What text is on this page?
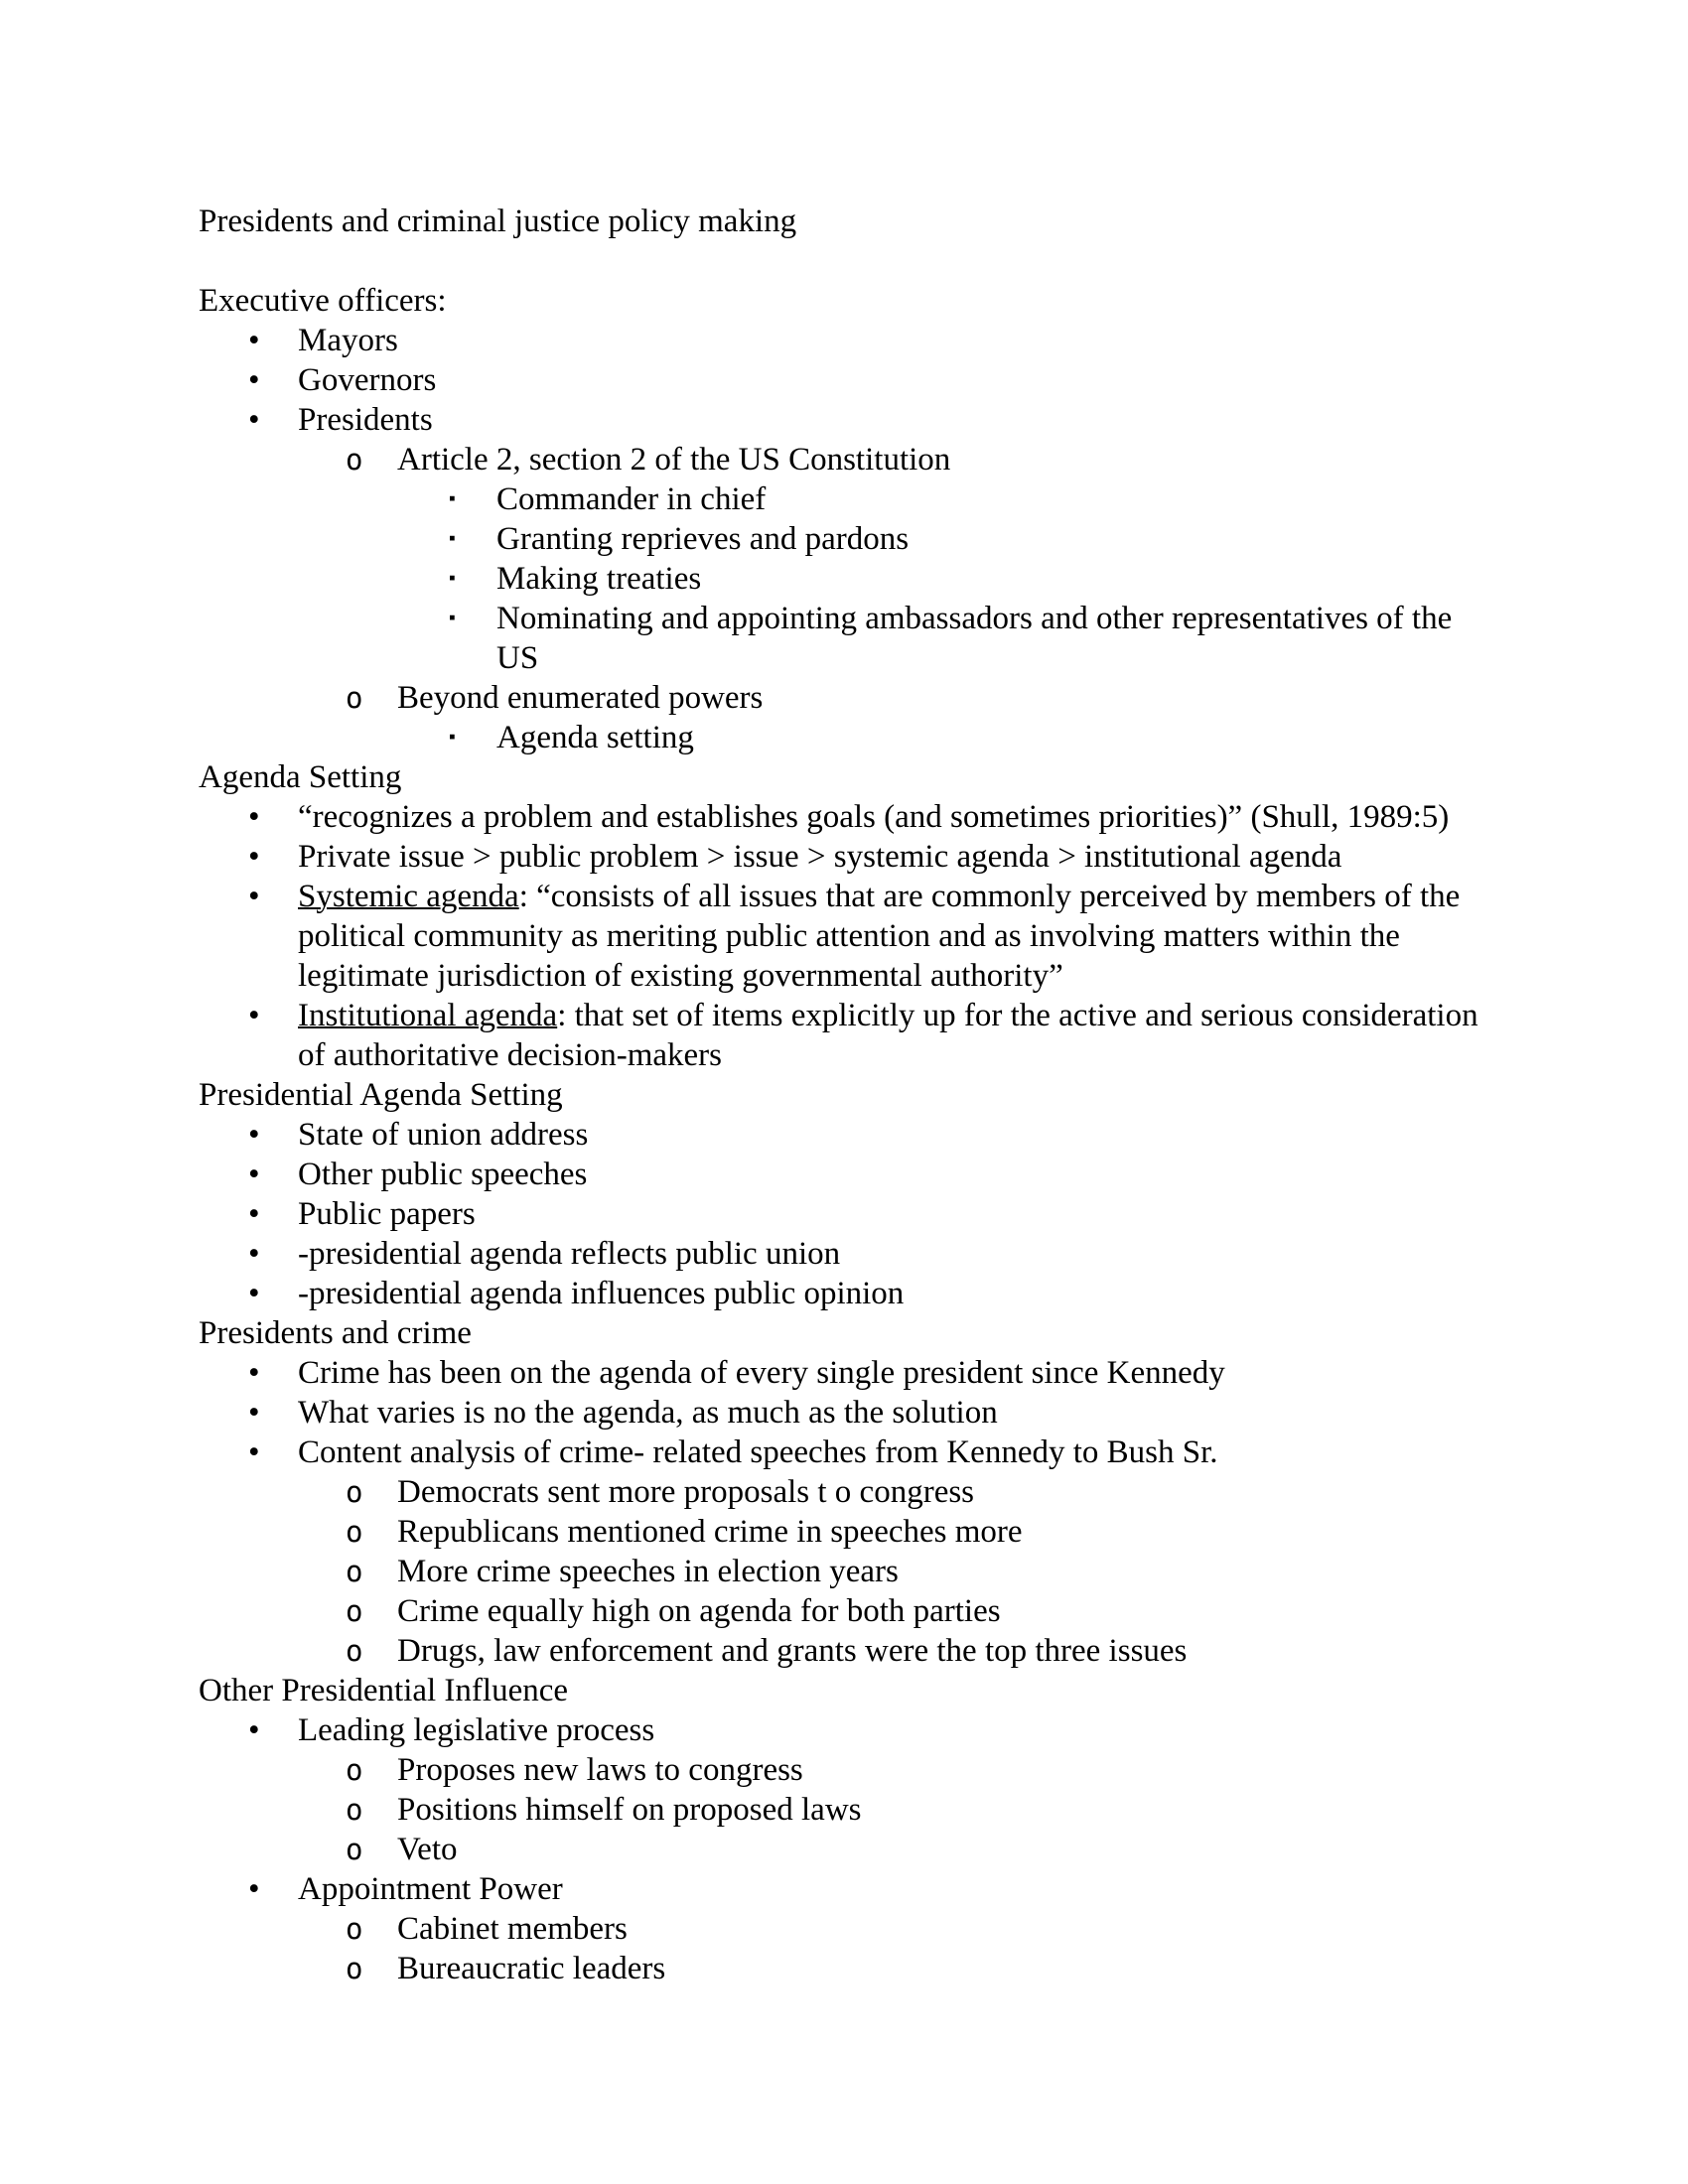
Presidents and criminal justice policy making
Executive officers:
• Mayors
• Governors
• Presidents
o Article 2, section 2 of the US Constitution
▪ Commander in chief
▪ Granting reprieves and pardons
▪ Making treaties
▪ Nominating and appointing ambassadors and other representatives of the US
o Beyond enumerated powers
▪ Agenda setting
Agenda Setting
• “recognizes a problem and establishes goals (and sometimes priorities)” (Shull, 1989:5)
• Private issue > public problem > issue > systemic agenda > institutional agenda
• Systemic agenda: “consists of all issues that are commonly perceived by members of the political community as meriting public attention and as involving matters within the legitimate jurisdiction of existing governmental authority”
• Institutional agenda: that set of items explicitly up for the active and serious consideration of authoritative decision-makers
Presidential Agenda Setting
• State of union address
• Other public speeches
• Public papers
• -presidential agenda reflects public union
• -presidential agenda influences public opinion
Presidents and crime
• Crime has been on the agenda of every single president since Kennedy
• What varies is no the agenda, as much as the solution
• Content analysis of crime- related speeches from Kennedy to Bush Sr.
o Democrats sent more proposals t o congress
o Republicans mentioned crime in speeches more
o More crime speeches in election years
o Crime equally high on agenda for both parties
o Drugs, law enforcement and grants were the top three issues
Other Presidential Influence
• Leading legislative process
o Proposes new laws to congress
o Positions himself on proposed laws
o Veto
• Appointment Power
o Cabinet members
o Bureaucratic leaders
